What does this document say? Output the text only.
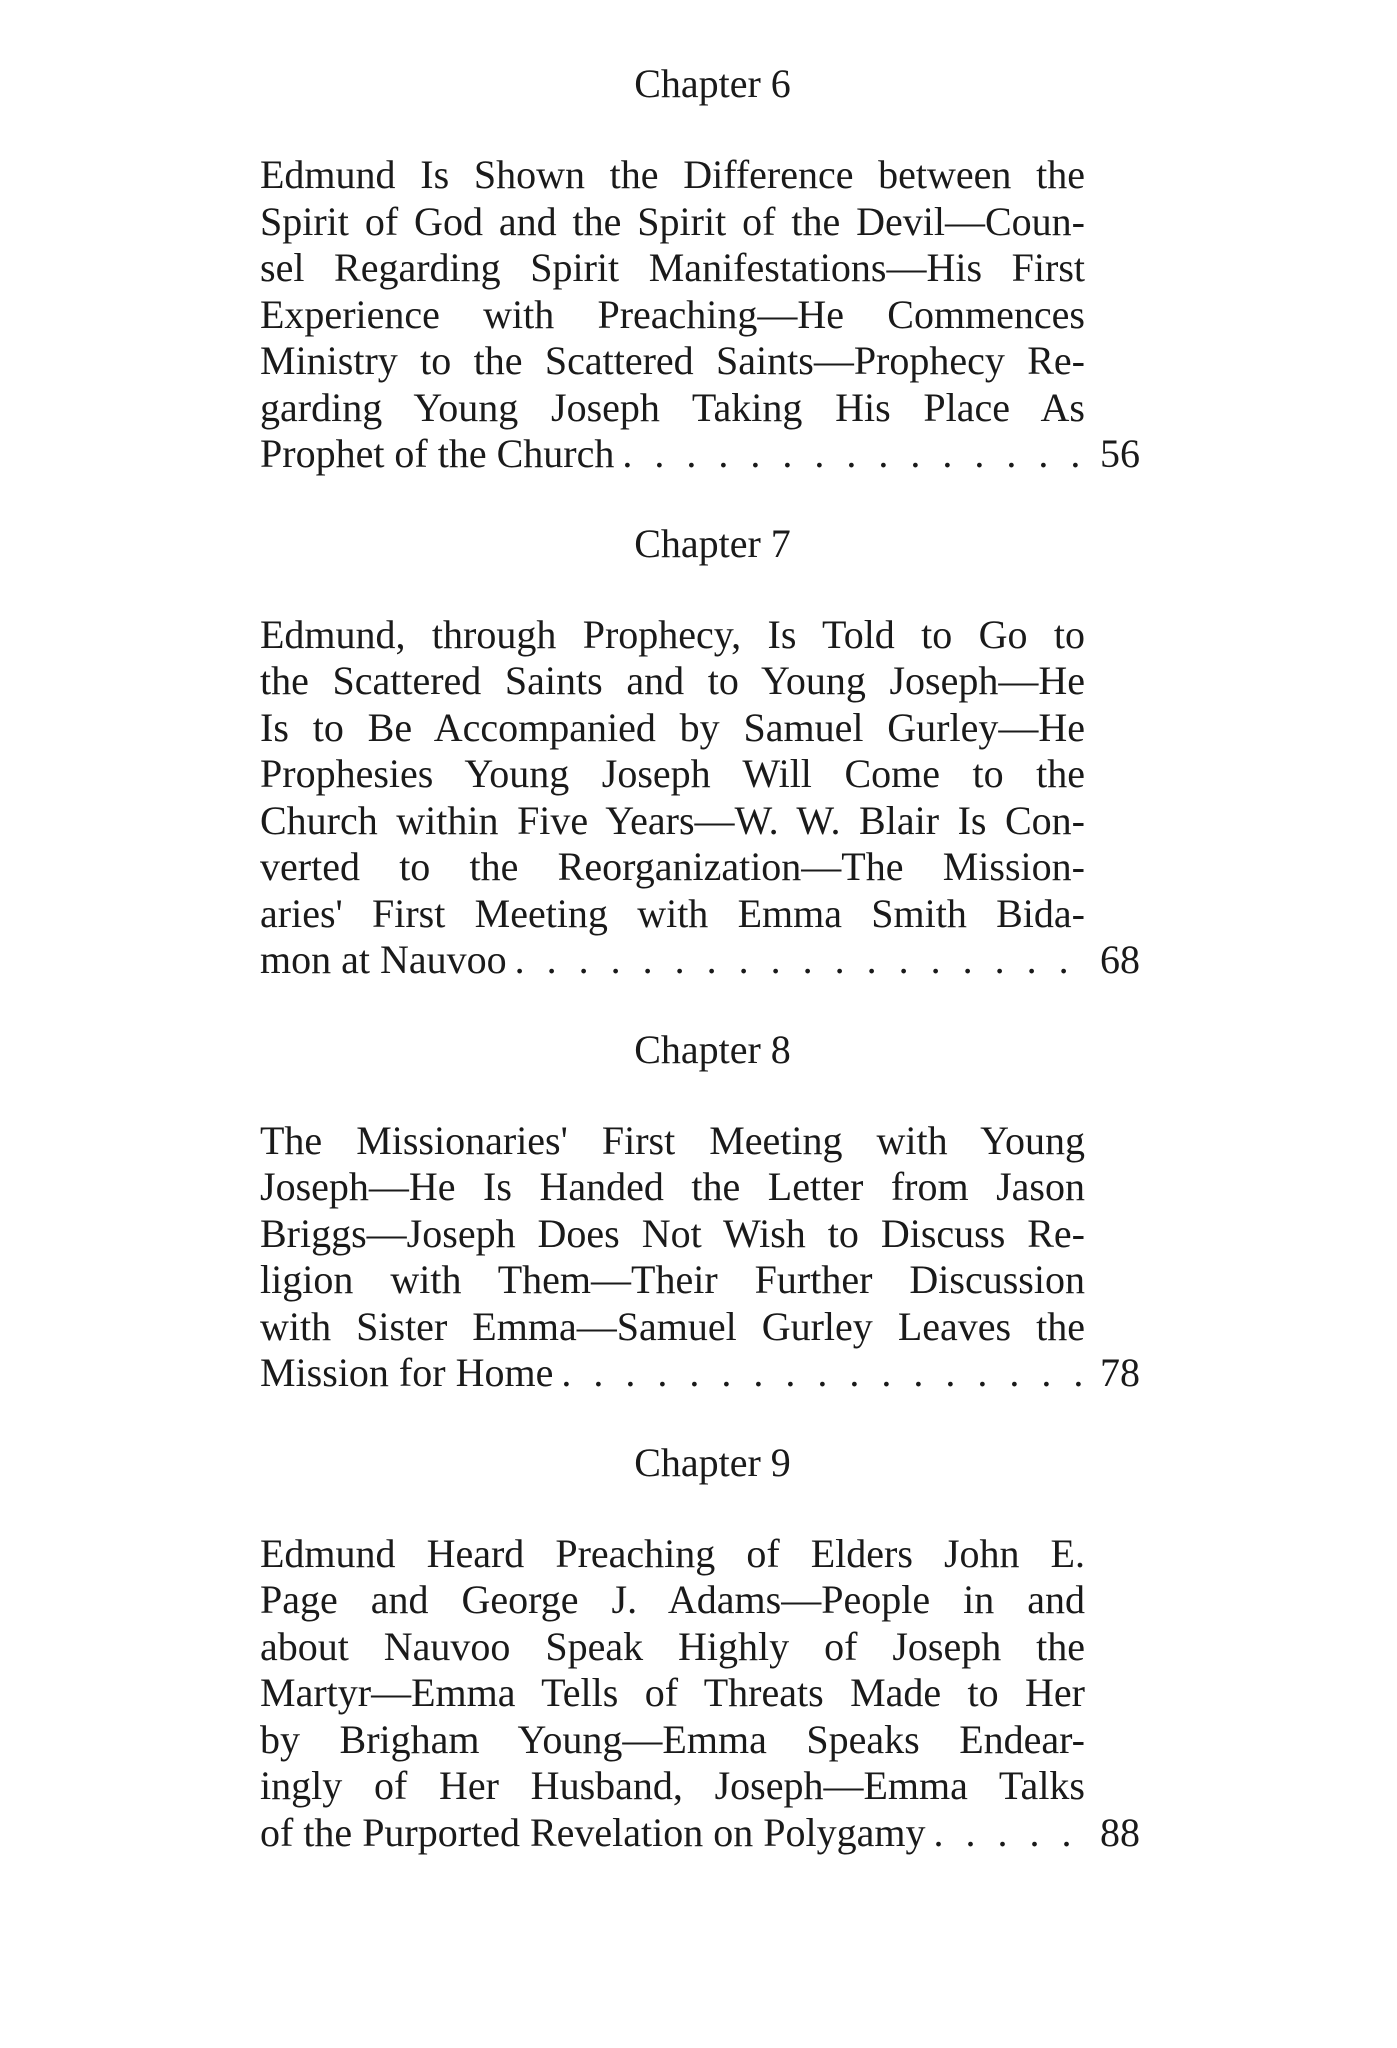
Chapter 6
Edmund Is Shown the Difference between the
Spirit of God and the Spirit of the Devil—Coun-
sel Regarding Spirit Manifestations—His First
Experience with Preaching—He Commences
Ministry to the Scattered Saints—Prophecy Re-
garding Young Joseph Taking His Place As
Prophet of the Church . . .	56
Chapter 7
Edmund, through Prophecy, Is Told to Go to
the Scattered Saints and to Young Joseph—He
Is to Be Accompanied by Samuel Gurley—He
Prophesies Young Joseph Will Come to the
Church within Five Years—W. W. Blair Is Con-
verted to the Reorganization—The Mission-
aries' First Meeting with Emma Smith Bida-
mon at Nauvoo . . .	68
Chapter 8
The Missionaries' First Meeting with Young
Joseph—He Is Handed the Letter from Jason
Briggs—Joseph Does Not Wish to Discuss Re-
ligion with Them—Their Further Discussion
with Sister Emma—Samuel Gurley Leaves the
Mission for Home . . .	78
Chapter 9
Edmund Heard Preaching of Elders John E.
Page and George J. Adams—People in and
about Nauvoo Speak Highly of Joseph the
Martyr—Emma Tells of Threats Made to Her
by Brigham Young—Emma Speaks Endear-
ingly of Her Husband, Joseph—Emma Talks
of the Purported Revelation on Polygamy . . .	88
